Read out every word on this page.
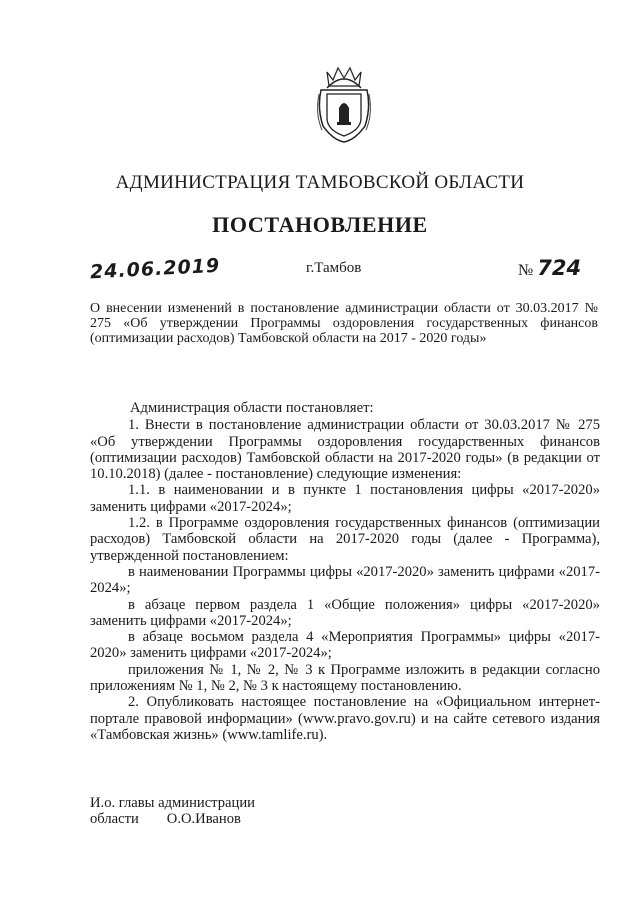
АДМИНИСТРАЦИЯ ТАМБОВСКОЙ ОБЛАСТИ
ПОСТАНОВЛЕНИЕ
24.06.2019	г.Тамбов	№ 724
О внесении изменений в постановление администрации области от 30.03.2017 № 275 «Об утверждении Программы оздоровления государственных финансов (оптимизации расходов) Тамбовской области на 2017 - 2020 годы»

Администрация области постановляет:

1. Внести в постановление администрации области от 30.03.2017 № 275 «Об утверждении Программы оздоровления государственных финансов (оптимизации расходов) Тамбовской области на 2017-2020 годы» (в редакции от 10.10.2018) (далее - постановление) следующие изменения:

1.1. в наименовании и в пункте 1 постановления цифры «2017-2020» заменить цифрами «2017-2024»;

1.2. в Программе оздоровления государственных финансов (оптимизации расходов) Тамбовской области на 2017-2020 годы (далее - Программа), утвержденной постановлением:

в наименовании Программы цифры «2017-2020» заменить цифрами «2017-2024»;

в абзаце первом раздела 1 «Общие положения» цифры «2017-2020» заменить цифрами «2017-2024»;

в абзаце восьмом раздела 4 «Мероприятия Программы» цифры «2017-2020» заменить цифрами «2017-2024»;

приложения № 1, № 2, № 3 к Программе изложить в редакции согласно приложениям № 1, № 2, № 3 к настоящему постановлению.

2. Опубликовать настоящее постановление на «Официальном интернет-портале правовой информации» (www.pravo.gov.ru) и на сайте сетевого издания «Тамбовская жизнь» (www.tamlife.ru).

И.о. главы администрации
области О.О.Иванов
